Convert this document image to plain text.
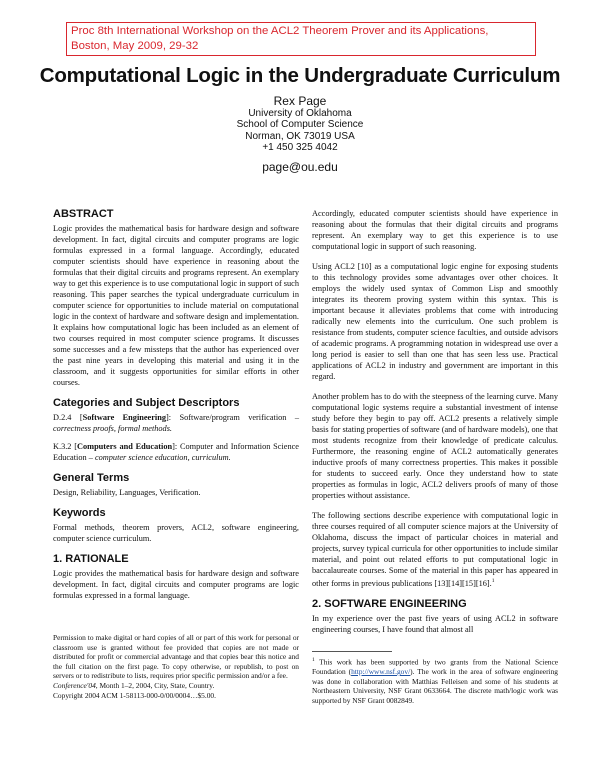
Proc 8th International Workshop on the ACL2 Theorem Prover and its Applications,
Boston, May 2009, 29-32
Computational Logic in the Undergraduate Curriculum
Rex Page
University of Oklahoma
School of Computer Science
Norman, OK 73019 USA
+1 450 325 4042
page@ou.edu
ABSTRACT

Logic provides the mathematical basis for hardware design and software development. In fact, digital circuits and computer programs are logic formulas expressed in a formal language. Accordingly, educated computer scientists should have experience in reasoning about the formulas that their digital circuits and programs represent. An exemplary way to get this experience is to use computational logic in support of such reasoning. This paper searches the typical undergraduate curriculum in computer science for opportunities to include material on computational logic in the context of hardware and software design and implementation. It explains how computational logic has been included as an element of two courses required in most computer science programs. It discusses some successes and a few missteps that the author has experienced over the past nine years in developing this material and using it in the classroom, and it suggests opportunities for similar efforts in other courses.

Categories and Subject Descriptors

D.2.4 [Software Engineering]: Software/program verification – correctness proofs, formal methods.

K.3.2 [Computers and Education]: Computer and Information Science Education – computer science education, curriculum.

General Terms

Design, Reliability, Languages, Verification.

Keywords

Formal methods, theorem provers, ACL2, software engineering, computer science curriculum.

1. RATIONALE

Logic provides the mathematical basis for hardware design and software development. In fact, digital circuits and computer programs are logic formulas expressed in a formal language.

Permission to make digital or hard copies of all or part of this work for personal or classroom use is granted without fee provided that copies are not made or distributed for profit or commercial advantage and that copies bear this notice and the full citation on the first page. To copy otherwise, or republish, to post on servers or to redistribute to lists, requires prior specific permission and/or a fee.

Conference'04, Month 1–2, 2004, City, State, Country.

Copyright 2004 ACM 1-58113-000-0/00/0004…$5.00.

Accordingly, educated computer scientists should have experience in reasoning about the formulas that their digital circuits and programs represent. An exemplary way to get this experience is to use computational logic in support of such reasoning.

Using ACL2 [10] as a computational logic engine for exposing students to this technology provides some advantages over other choices. It employs the widely used syntax of Common Lisp and smoothly integrates its theorem proving system within this syntax. This is important because it alleviates problems that come with introducing radically new elements into the curriculum. One such problem is resistance from students, computer science faculties, and outside advisors of academic programs. A programming notation in widespread use over a long period is easier to sell than one that has seen less use. Practical applications of ACL2 in industry and government are important in this regard.

Another problem has to do with the steepness of the learning curve. Many computational logic systems require a substantial investment of intense study before they begin to pay off. ACL2 presents a relatively simple basis for stating properties of software (and of hardware models), one that most students recognize from their knowledge of predicate calculus. Furthermore, the reasoning engine of ACL2 automatically generates inductive proofs of many correctness properties. This makes it possible for students to succeed early. Once they understand how to state properties as formulas in logic, ACL2 delivers proofs of many of those properties without assistance.

The following sections describe experience with computational logic in three courses required of all computer science majors at the University of Oklahoma, discuss the impact of particular choices in material and projects, survey typical curricula for other opportunities to include similar material, and point out related efforts to put computational logic in baccalaureate courses. Some of the material in this paper has appeared in other forms in previous publications [13][14][15][16].$^1$

2. SOFTWARE ENGINEERING

In my experience over the past five years of using ACL2 in software engineering courses, I have found that almost all

$^1$ This work has been supported by two grants from the National Science Foundation (http://www.nsf.gov/). The work in the area of software engineering was done in collaboration with Matthias Felleisen and some of his students at Northeastern University, NSF Grant 0633664. The discrete math/logic work was supported by NSF Grant 0082849.
